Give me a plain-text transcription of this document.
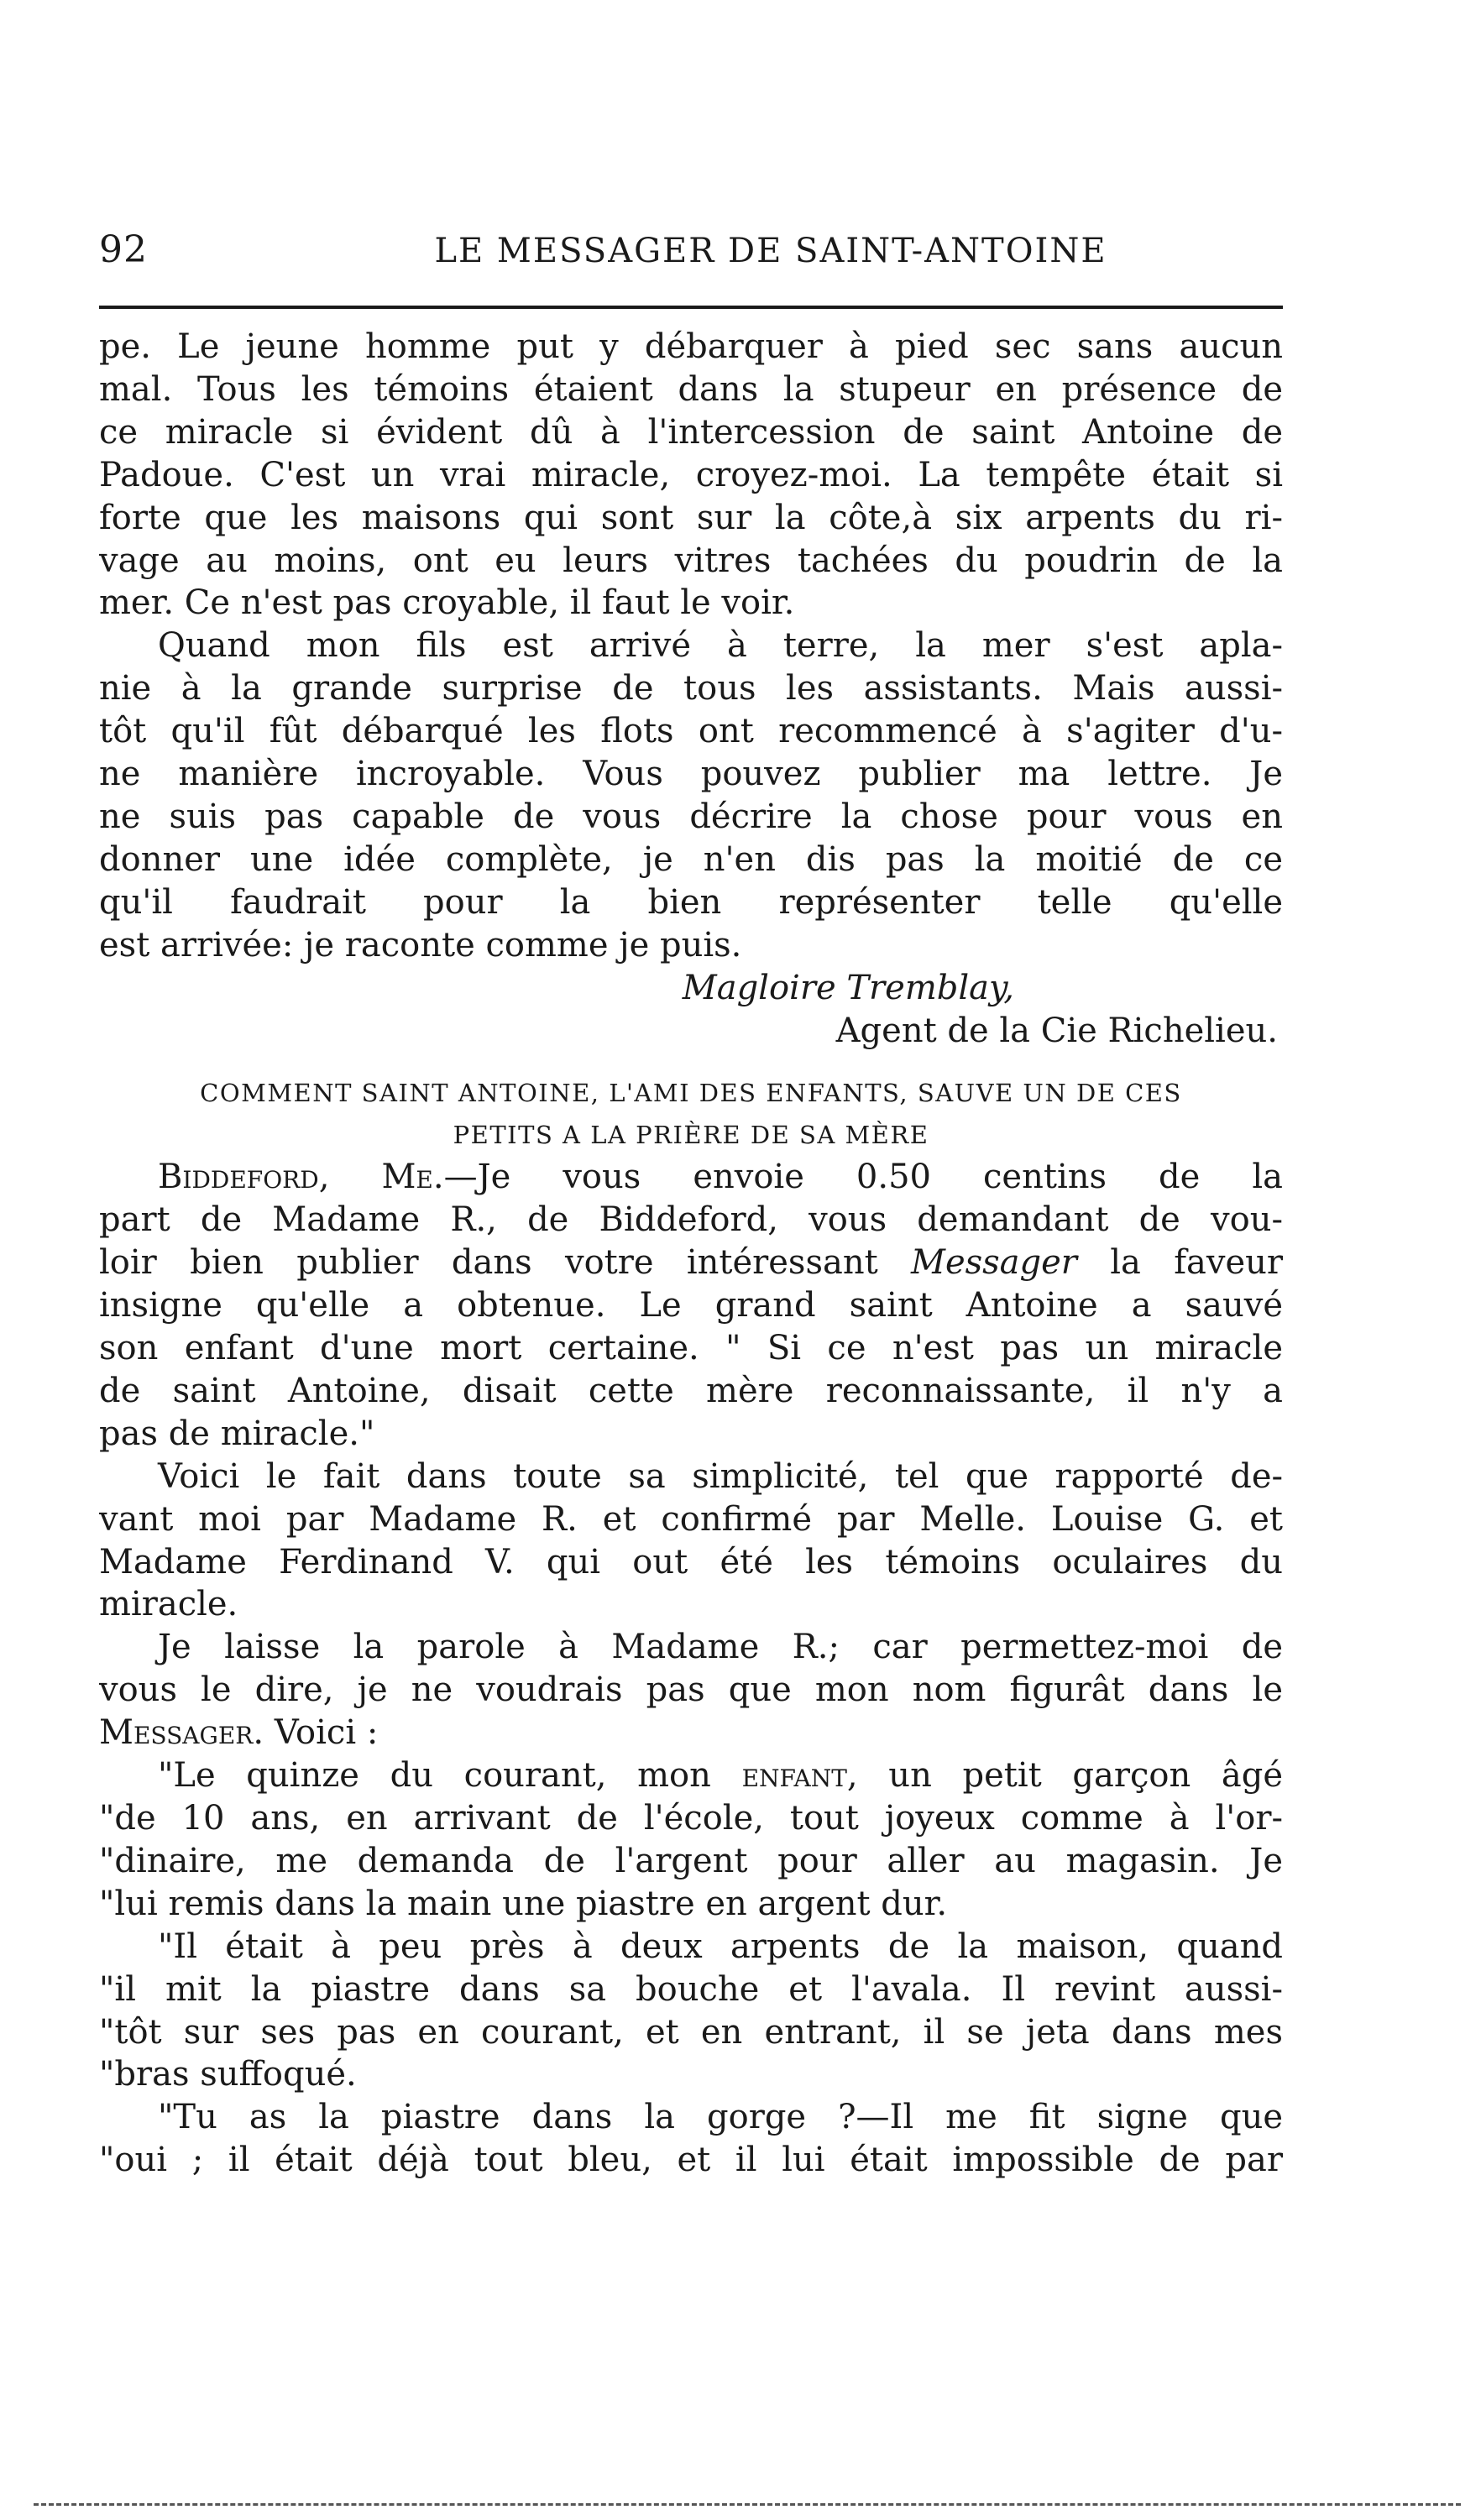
92	LE MESSAGER DE SAINT-ANTOINE
pe. Le jeune homme put y débarquer à pied sec sans aucun
mal. Tous les témoins étaient dans la stupeur en présence de
ce miracle si évident dû à l'intercession de saint Antoine de
Padoue. C'est un vrai miracle, croyez-moi. La tempête était si
forte que les maisons qui sont sur la côte,à six arpents du ri-
vage au moins, ont eu leurs vitres tachées du poudrin de la
mer. Ce n'est pas croyable, il faut le voir.
Quand mon fils est arrivé à terre, la mer s'est apla-
nie à la grande surprise de tous les assistants. Mais aussi-
tôt qu'il fût débarqué les flots ont recommencé à s'agiter d'u-
ne manière incroyable. Vous pouvez publier ma lettre. Je
ne suis pas capable de vous décrire la chose pour vous en
donner une idée complète, je n'en dis pas la moitié de ce
qu'il faudrait pour la bien représenter telle qu'elle
est arrivée: je raconte comme je puis.
Magloire Tremblay,
Agent de la Cie Richelieu.
COMMENT SAINT ANTOINE, L'AMI DES ENFANTS, SAUVE UN DE CES
PETITS A LA PRIÈRE DE SA MÈRE
Biddeford, Me.—Je vous envoie 0.50 centins de la
part de Madame R., de Biddeford, vous demandant de vou-
loir bien publier dans votre intéressant Messager la faveur
insigne qu'elle a obtenue. Le grand saint Antoine a sauvé
son enfant d'une mort certaine. " Si ce n'est pas un miracle
de saint Antoine, disait cette mère reconnaissante, il n'y a
pas de miracle."
Voici le fait dans toute sa simplicité, tel que rapporté de-
vant moi par Madame R. et confirmé par Melle. Louise G. et
Madame Ferdinand V. qui out été les témoins oculaires du
miracle.
Je laisse la parole à Madame R.; car permettez-moi de
vous le dire, je ne voudrais pas que mon nom figurât dans le
Messager. Voici :
"Le quinze du courant, mon enfant, un petit garçon âgé
"de 10 ans, en arrivant de l'école, tout joyeux comme à l'or-
"dinaire, me demanda de l'argent pour aller au magasin. Je
"lui remis dans la main une piastre en argent dur.
"Il était à peu près à deux arpents de la maison, quand
"il mit la piastre dans sa bouche et l'avala. Il revint aussi-
"tôt sur ses pas en courant, et en entrant, il se jeta dans mes
"bras suffoqué.
"Tu as la piastre dans la gorge ?—Il me fit signe que
"oui ; il était déjà tout bleu, et il lui était impossible de par
